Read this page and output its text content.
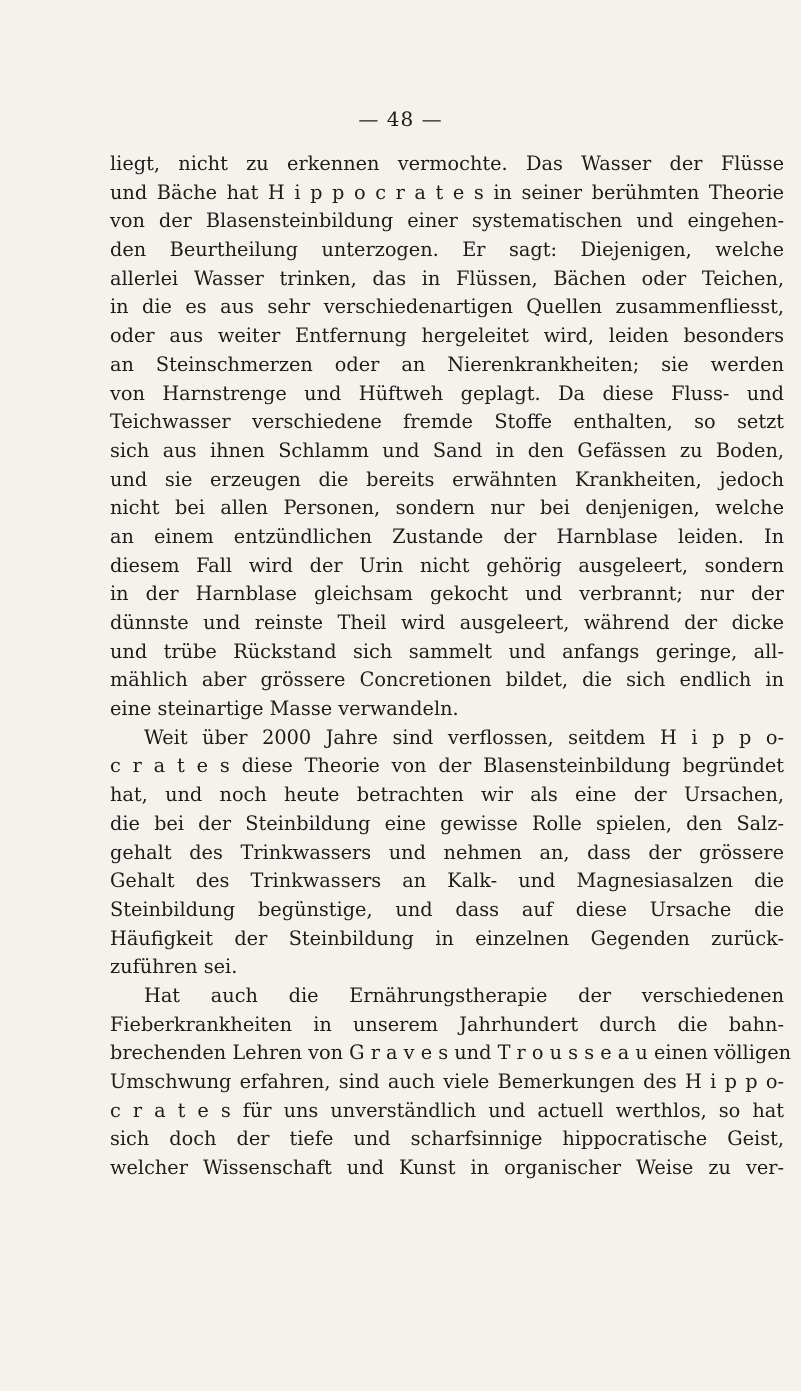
— 48 —
liegt, nicht zu erkennen vermochte. Das Wasser der Flüsse
und Bäche hat H i p p o c r a t e s in seiner berühmten Theorie
von der Blasensteinbildung einer systematischen und eingehen-
den Beurtheilung unterzogen. Er sagt: Diejenigen, welche
allerlei Wasser trinken, das in Flüssen, Bächen oder Teichen,
in die es aus sehr verschiedenartigen Quellen zusammenfliesst,
oder aus weiter Entfernung hergeleitet wird, leiden besonders
an Steinschmerzen oder an Nierenkrankheiten; sie werden
von Harnstrenge und Hüftweh geplagt. Da diese Fluss- und
Teichwasser verschiedene fremde Stoffe enthalten, so setzt
sich aus ihnen Schlamm und Sand in den Gefässen zu Boden,
und sie erzeugen die bereits erwähnten Krankheiten, jedoch
nicht bei allen Personen, sondern nur bei denjenigen, welche
an einem entzündlichen Zustande der Harnblase leiden. In
diesem Fall wird der Urin nicht gehörig ausgeleert, sondern
in der Harnblase gleichsam gekocht und verbrannt; nur der
dünnste und reinste Theil wird ausgeleert, während der dicke
und trübe Rückstand sich sammelt und anfangs geringe, all-
mählich aber grössere Concretionen bildet, die sich endlich in
eine steinartige Masse verwandeln.
Weit über 2000 Jahre sind verflossen, seitdem H i p p o-
c r a t e s diese Theorie von der Blasensteinbildung begründet
hat, und noch heute betrachten wir als eine der Ursachen,
die bei der Steinbildung eine gewisse Rolle spielen, den Salz-
gehalt des Trinkwassers und nehmen an, dass der grössere
Gehalt des Trinkwassers an Kalk- und Magnesiasalzen die
Steinbildung begünstige, und dass auf diese Ursache die
Häufigkeit der Steinbildung in einzelnen Gegenden zurück-
zuführen sei.
Hat auch die Ernährungstherapie der verschiedenen
Fieberkrankheiten in unserem Jahrhundert durch die bahn-
brechenden Lehren von G r a v e s und T r o u s s e a u einen völligen
Umschwung erfahren, sind auch viele Bemerkungen des H i p p o-
c r a t e s für uns unverständlich und actuell werthlos, so hat
sich doch der tiefe und scharfsinnige hippocratische Geist,
welcher Wissenschaft und Kunst in organischer Weise zu ver-
